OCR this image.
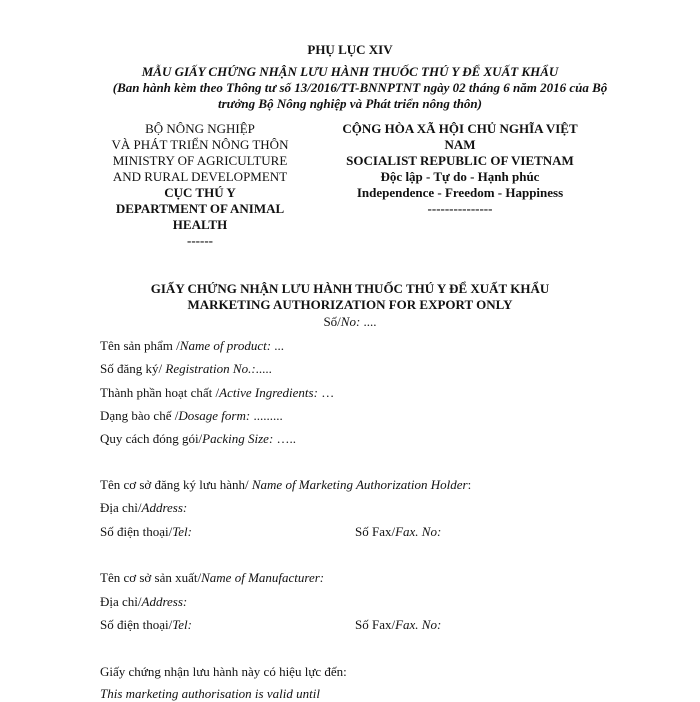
PHỤ LỤC XIV
MẪU GIẤY CHỨNG NHẬN LƯU HÀNH THUỐC THÚ Y ĐỂ XUẤT KHẨU
(Ban hành kèm theo Thông tư số 13/2016/TT-BNNPTNT ngày 02 tháng 6 năm 2016 của Bộ
trưởng Bộ Nông nghiệp và Phát triển nông thôn)
BỘ NÔNG NGHIỆP
VÀ PHÁT TRIỂN NÔNG THÔN
MINISTRY OF AGRICULTURE
AND RURAL DEVELOPMENT
CỤC THÚ Y
DEPARTMENT OF ANIMAL
HEALTH
------
CỘNG HÒA XÃ HỘI CHỦ NGHĨA VIỆT
NAM
SOCIALIST REPUBLIC OF VIETNAM
Độc lập - Tự do - Hạnh phúc
Independence - Freedom - Happiness
---------------
GIẤY CHỨNG NHẬN LƯU HÀNH THUỐC THÚ Y ĐỂ XUẤT KHẨU
MARKETING AUTHORIZATION FOR EXPORT ONLY
Số/No: ....
Tên sản phẩm /Name of product: ...
Số đăng ký/ Registration No.:.....
Thành phần hoạt chất /Active Ingredients: …
Dạng bào chế /Dosage form: .........
Quy cách đóng gói/Packing Size: …..
Tên cơ sở đăng ký lưu hành/ Name of Marketing Authorization Holder:
Địa chỉ/Address:
Số điện thoại/Tel:	Số Fax/Fax. No:
Tên cơ sở sản xuất/Name of Manufacturer:
Địa chỉ/Address:
Số điện thoại/Tel:	Số Fax/Fax. No:
Giấy chứng nhận lưu hành này có hiệu lực đến:
This marketing authorisation is valid until
